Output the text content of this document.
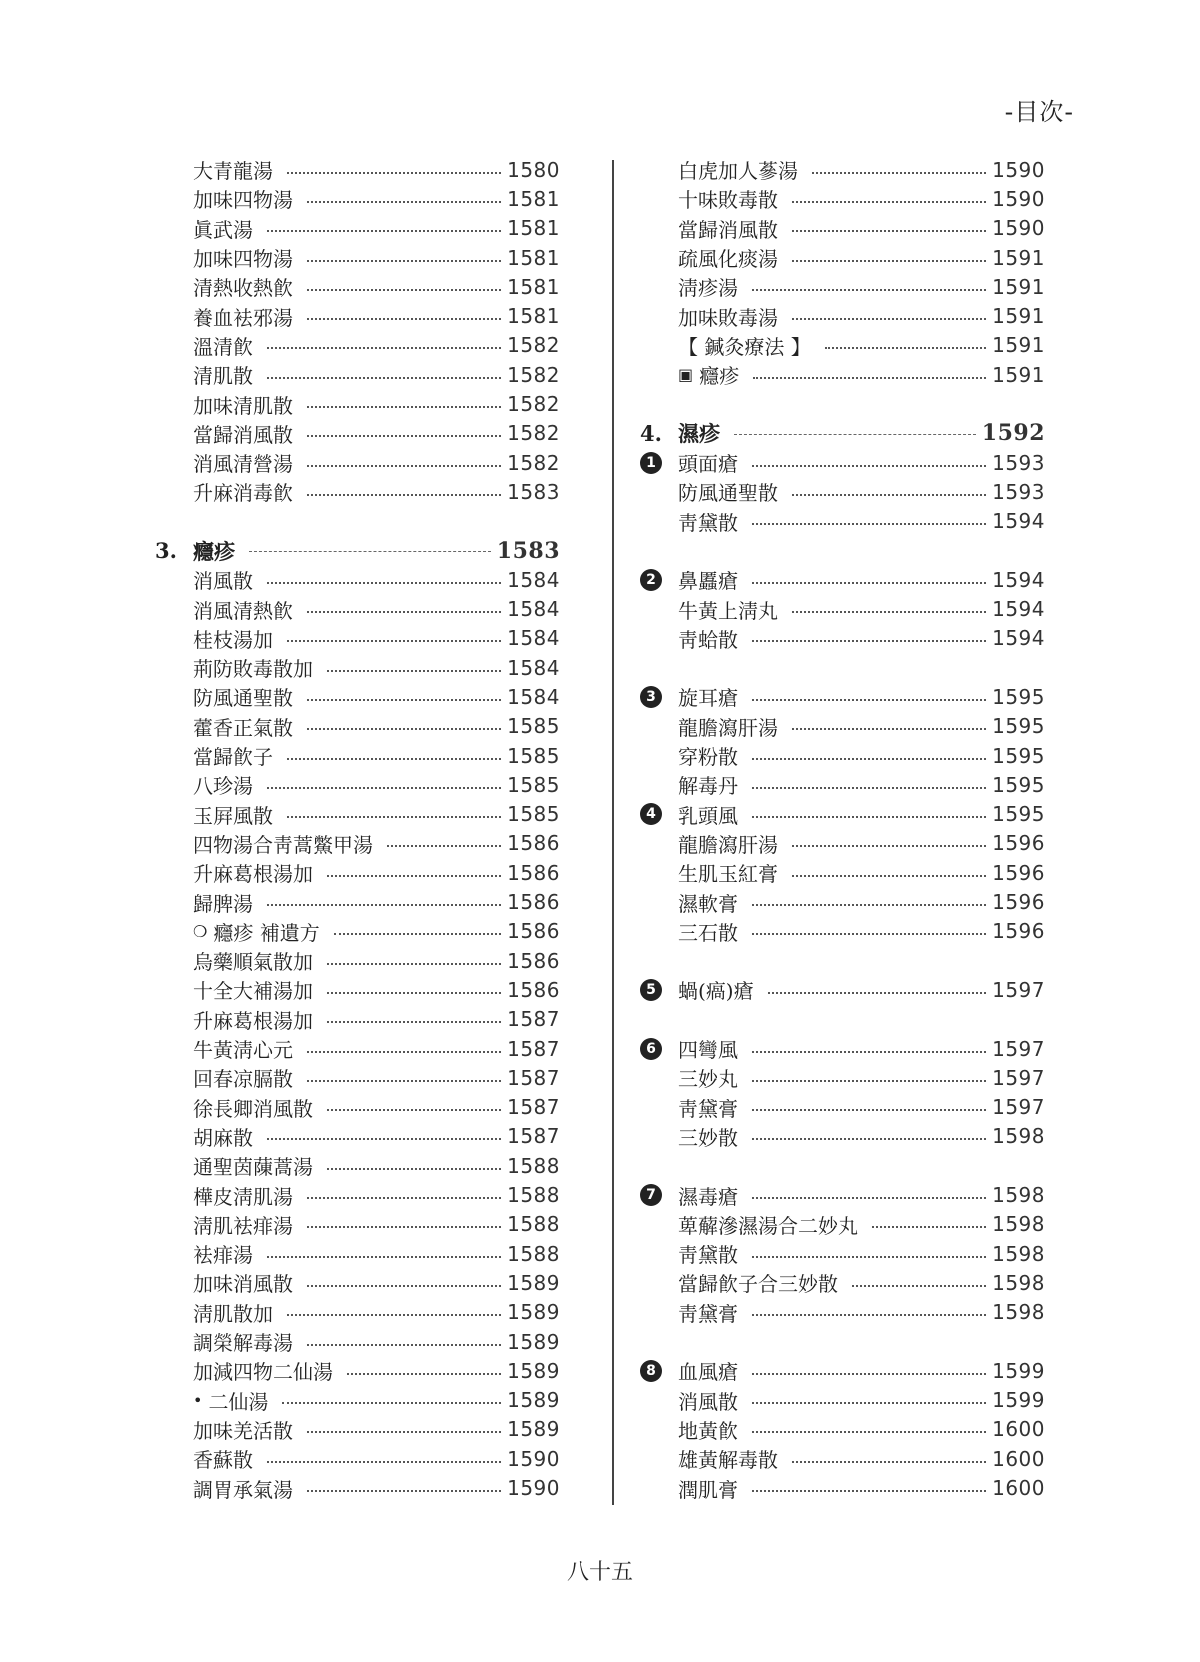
-目次-
大青龍湯	1580
加味四物湯	1581
眞武湯	1581
加味四物湯	1581
清熱收熱飮	1581
養血袪邪湯	1581
溫清飮	1582
清肌散	1582
加味清肌散	1582
當歸消風散	1582
消風清營湯	1582
升麻消毒飮	1583
3. 癮疹	1583
消風散	1584
消風清熱飮	1584
桂枝湯加	1584
荊防敗毒散加	1584
防風通聖散	1584
藿香正氣散	1585
當歸飮子	1585
八珍湯	1585
玉屛風散	1585
四物湯合靑蒿鱉甲湯	1586
升麻葛根湯加	1586
歸脾湯	1586
❍ 癮疹 補遺方	1586
烏藥順氣散加	1586
十全大補湯加	1586
升麻葛根湯加	1587
牛黃淸心元	1587
回春凉膈散	1587
徐長卿消風散	1587
胡麻散	1587
通聖茵蔯蒿湯	1588
樺皮淸肌湯	1588
淸肌袪痱湯	1588
袪痱湯	1588
加味消風散	1589
淸肌散加	1589
調榮解毒湯	1589
加減四物二仙湯	1589
• 二仙湯	1589
加味羌活散	1589
香蘇散	1590
調胃承氣湯	1590
白虎加人蔘湯	1590
十味敗毒散	1590
當歸消風散	1590
疏風化痰湯	1591
淸疹湯	1591
加味敗毒湯	1591
【 鍼灸療法 】	1591
▣ 癮疹	1591
4. 濕疹	1592
1	頭面瘡	1593
防風通聖散	1593
靑黛散	1594
2	鼻䘌瘡	1594
牛黃上淸丸	1594
靑蛤散	1594
3	旋耳瘡	1595
龍膽瀉肝湯	1595
穿粉散	1595
解毒丹	1595
4	乳頭風	1595
龍膽瀉肝湯	1596
生肌玉紅膏	1596
濕軟膏	1596
三石散	1596
5	蝸(瘑)瘡	1597
6	四彎風	1597
三妙丸	1597
靑黛膏	1597
三妙散	1598
7	濕毒瘡	1598
萆薢滲濕湯合二妙丸	1598
靑黛散	1598
當歸飮子合三妙散	1598
靑黛膏	1598
8	血風瘡	1599
消風散	1599
地黃飮	1600
雄黃解毒散	1600
潤肌膏	1600
八十五
